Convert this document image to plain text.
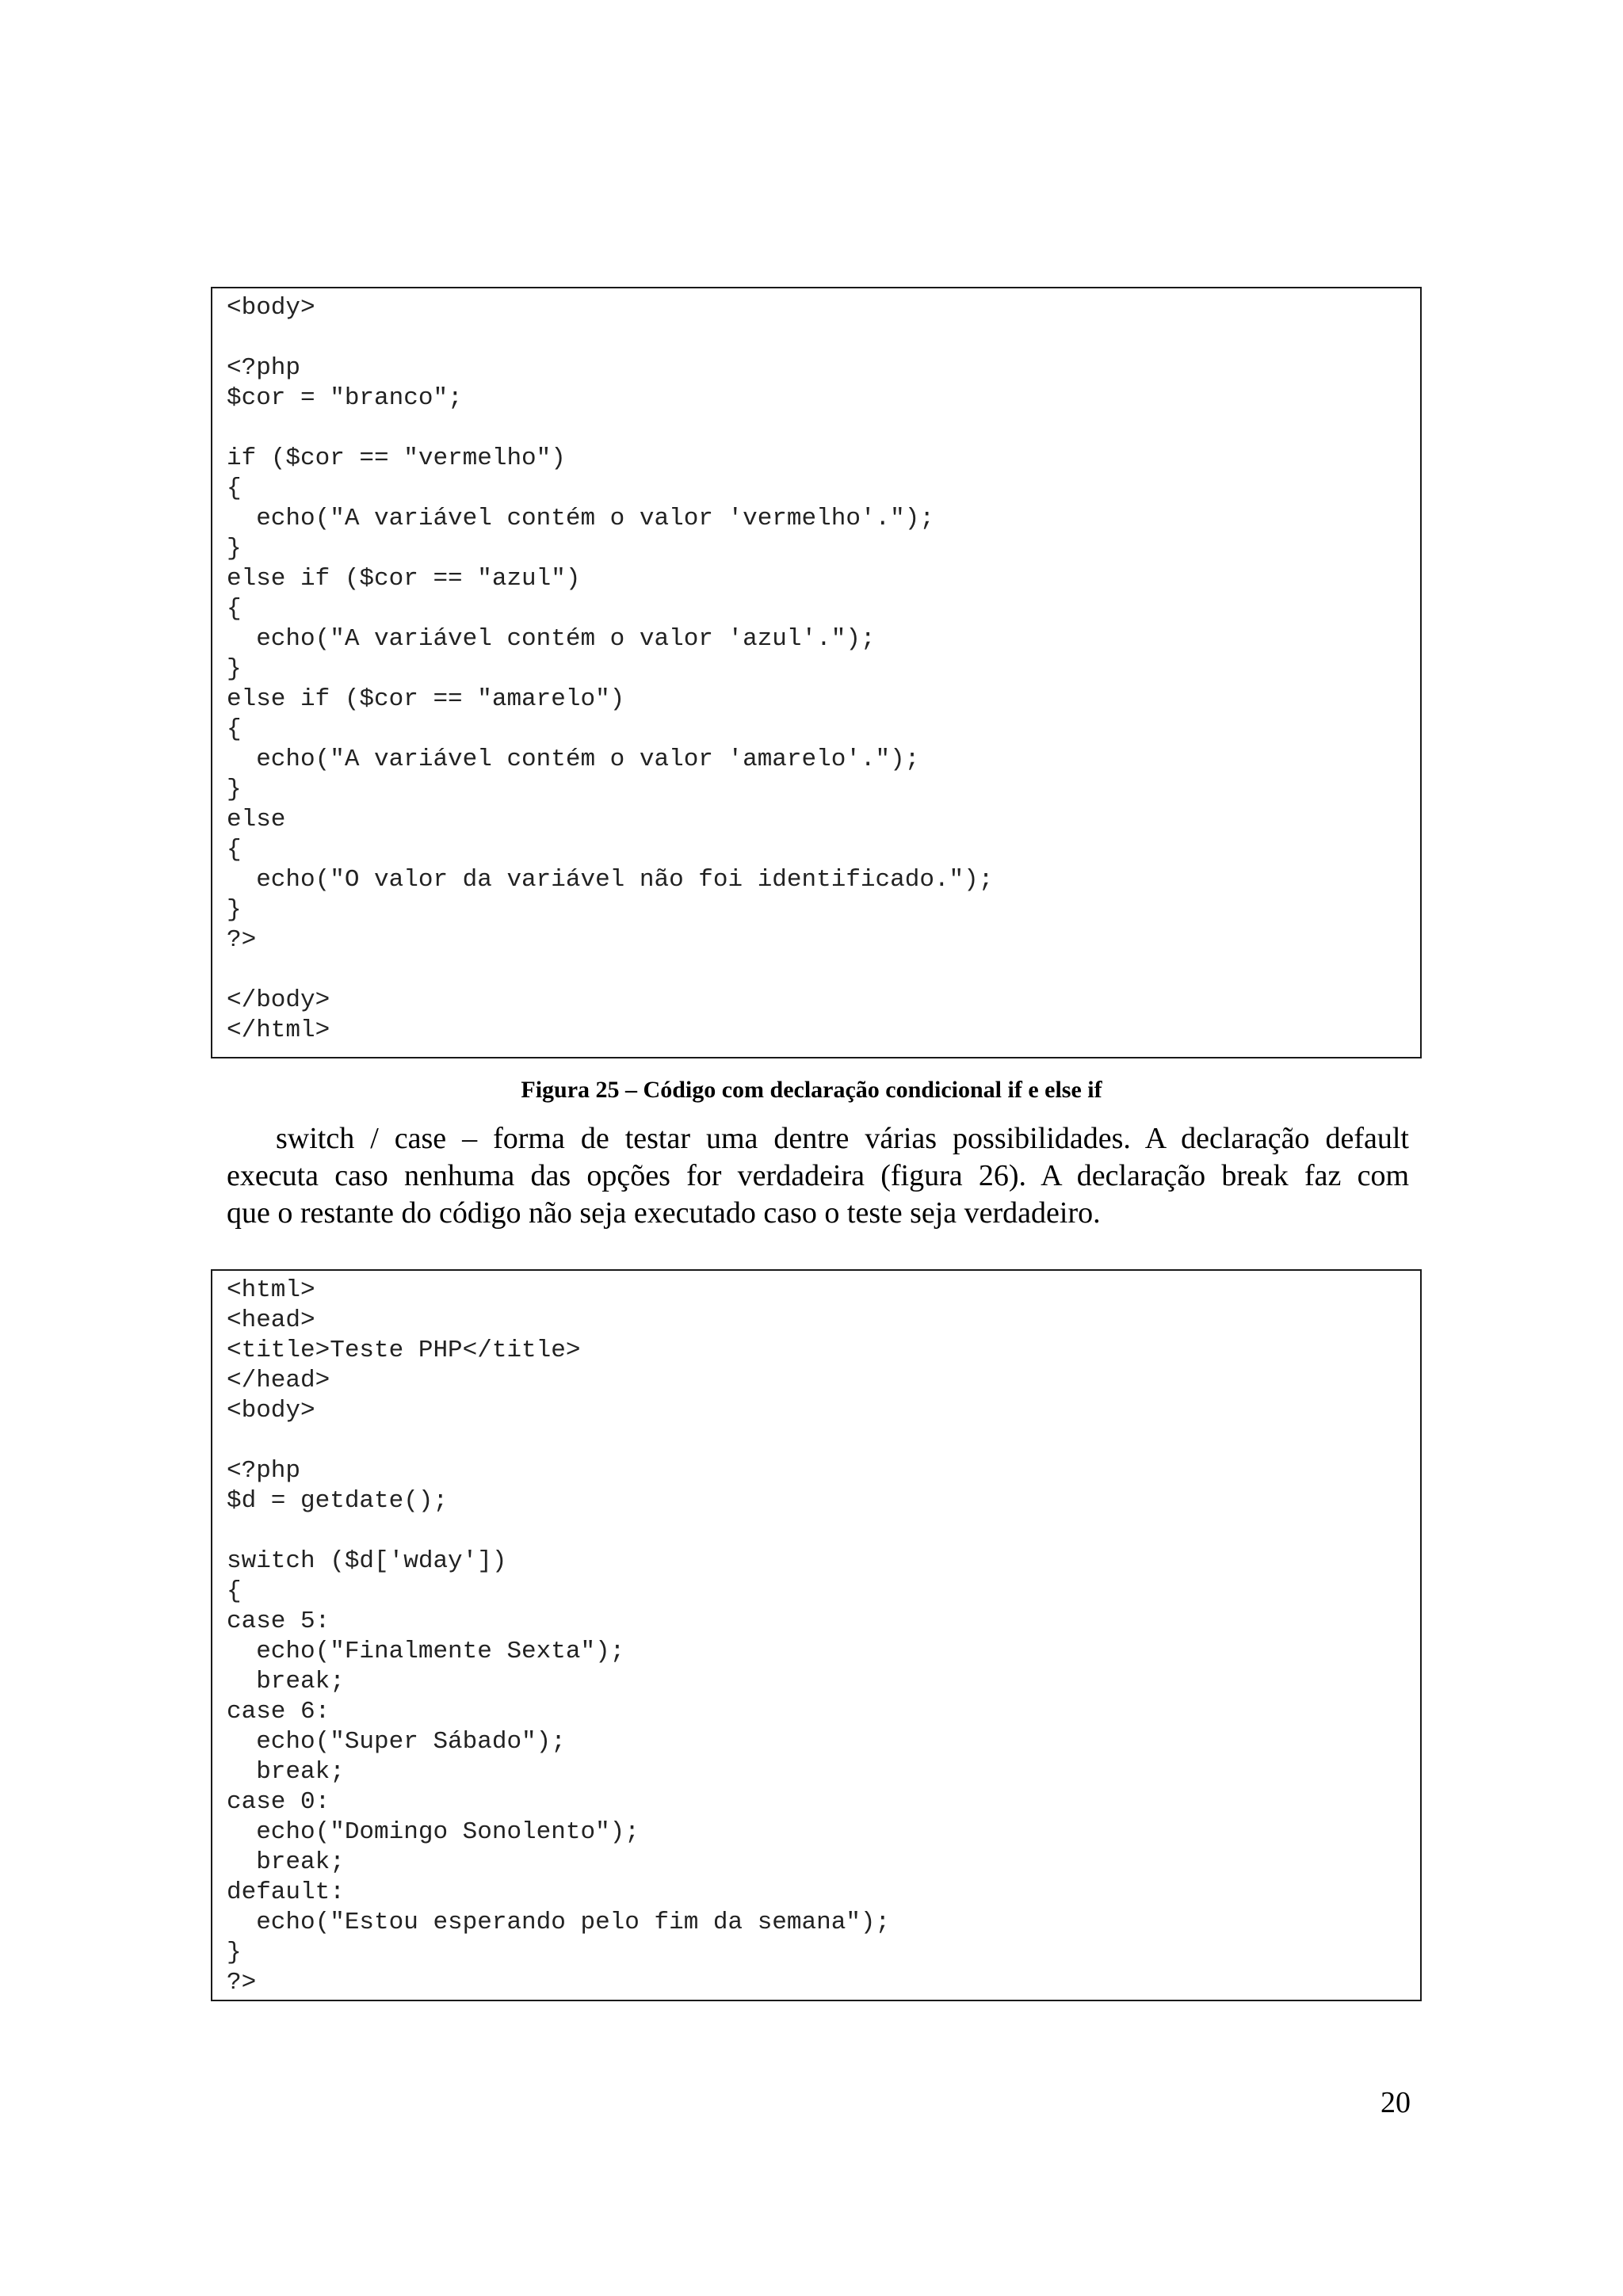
<body>
<?php
$cor = "branco";
if ($cor == "vermelho")
{
echo("A variável contém o valor 'vermelho'.");
}
else if ($cor == "azul")
{
echo("A variável contém o valor 'azul'.");
}
else if ($cor == "amarelo")
{
echo("A variável contém o valor 'amarelo'.");
}
else
{
echo("O valor da variável não foi identificado.");
}
?>
</body>
</html>
Figura 25 – Código com declaração condicional if e else if
switch / case – forma de testar uma dentre várias possibilidades. A declaração default
executa caso nenhuma das opções for verdadeira (figura 26). A declaração break faz com
que o restante do código não seja executado caso o teste seja verdadeiro.
<html>
<head>
<title>Teste PHP</title>
</head>
<body>
<?php
$d = getdate();
switch ($d['wday'])
{
case 5:
echo("Finalmente Sexta");
break;
case 6:
echo("Super Sábado");
break;
case 0:
echo("Domingo Sonolento");
break;
default:
echo("Estou esperando pelo fim da semana");
}
?>
20
